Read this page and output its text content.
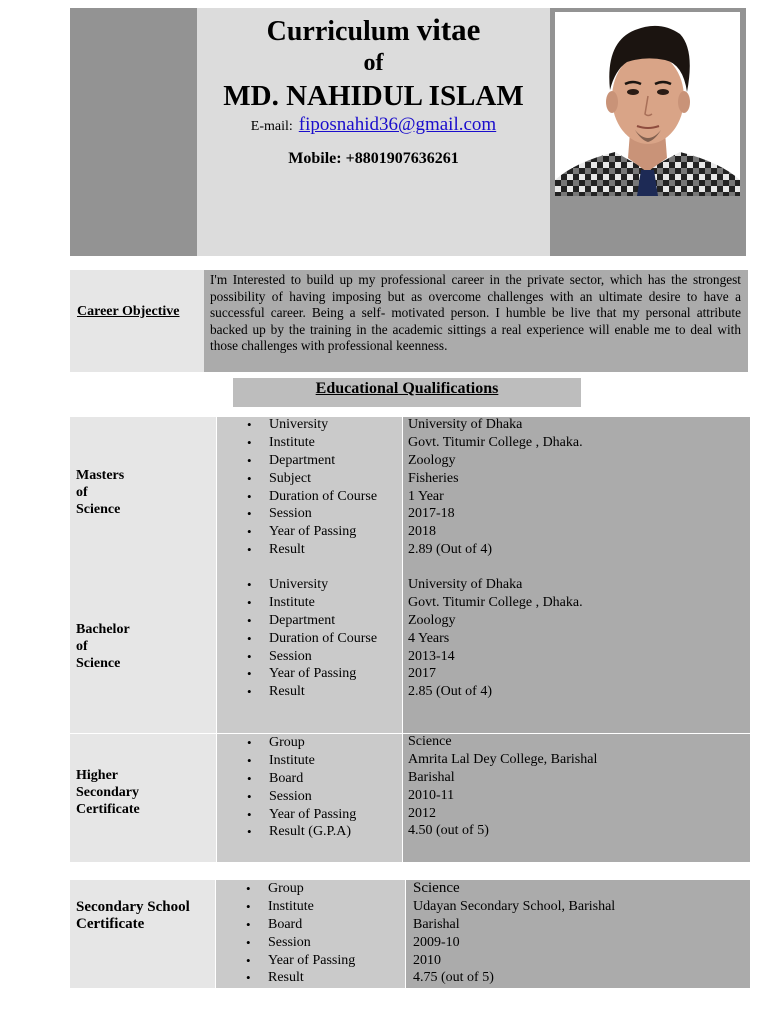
Curriculum vitae
of
MD. NAHIDUL ISLAM
E-mail: fiposnahid36@gmail.com
Mobile: +8801907636261
Career Objective
I'm Interested to build up my professional career in the private sector, which has the strongest possibility of having imposing but as overcome challenges with an ultimate desire to have a successful career. Being a self- motivated person. I humble be live that my personal attribute backed up by the training in the academic sittings a real experience will enable me to deal with those challenges with professional keenness.
Educational Qualifications
Masters
of
Science
• University
• Institute
• Department
• Subject
• Duration of Course
• Session
• Year of Passing
• Result
University of Dhaka
Govt. Titumir College , Dhaka.
Zoology
Fisheries
1 Year
2017-18
2018
2.89 (Out of 4)
Bachelor
of
Science
• University
• Institute
• Department
• Duration of Course
• Session
• Year of Passing
• Result
University of Dhaka
Govt. Titumir College , Dhaka.
Zoology
4 Years
2013-14
2017
2.85 (Out of 4)
Higher
Secondary
Certificate
• Group
• Institute
• Board
• Session
• Year of Passing
• Result (G.P.A)
Science
Amrita Lal Dey College, Barishal
Barishal
2010-11
2012
4.50 (out of 5)
Secondary School
Certificate
• Group
• Institute
• Board
• Session
• Year of Passing
• Result
Science
Udayan Secondary School, Barishal
Barishal
2009-10
2010
4.75 (out of 5)
